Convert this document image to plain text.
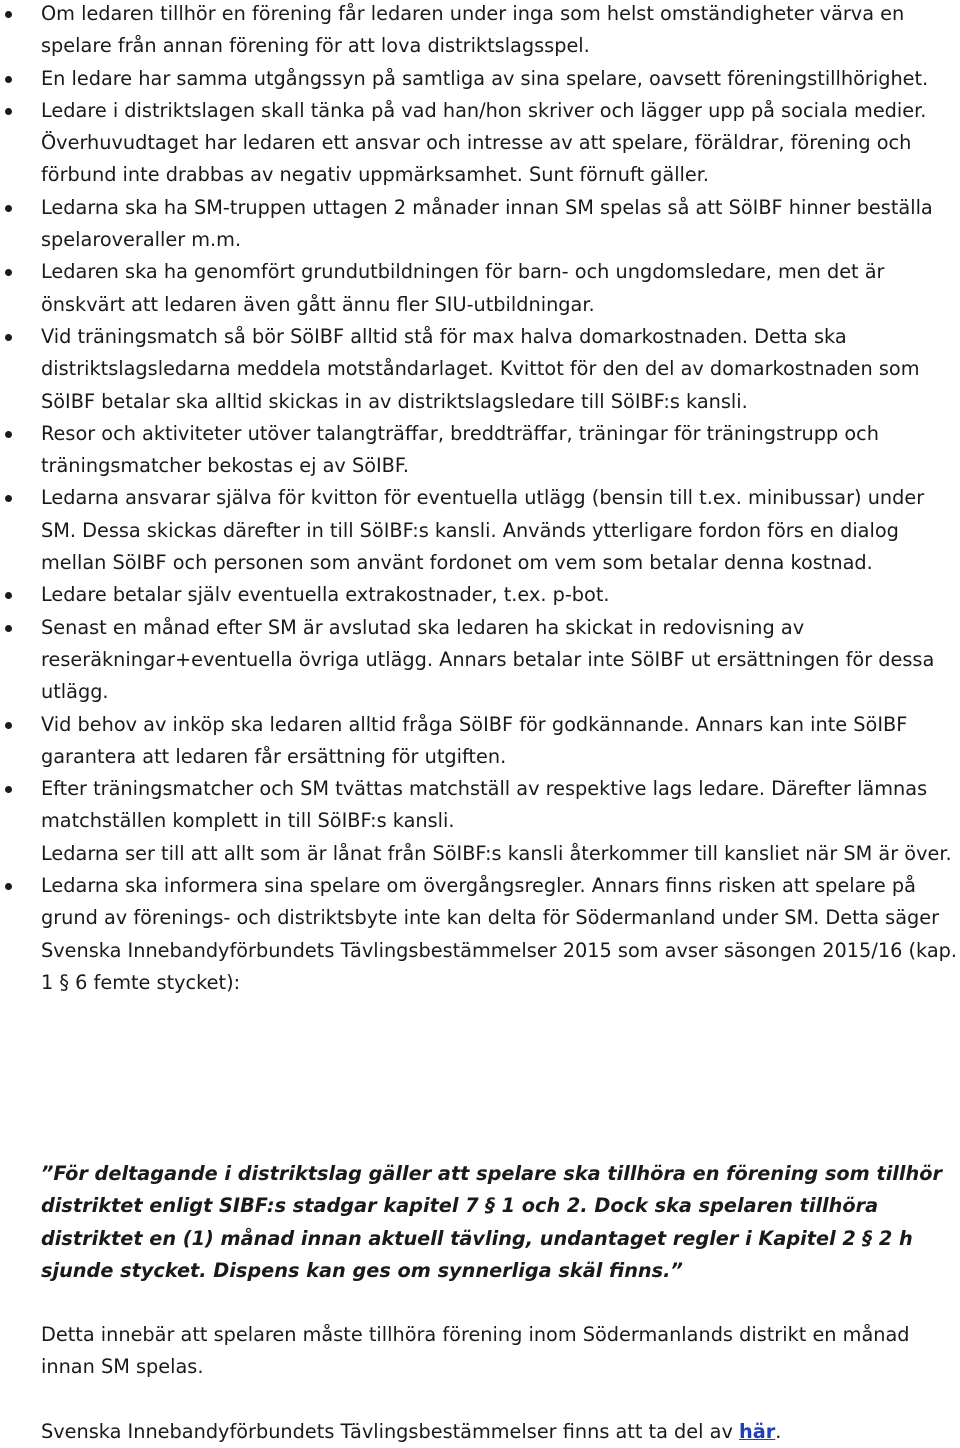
Om ledaren tillhör en förening får ledaren under inga som helst omständigheter värva en spelare från annan förening för att lova distriktslagsspel.
En ledare har samma utgångssyn på samtliga av sina spelare, oavsett föreningstillhörighet.
Ledare i distriktslagen skall tänka på vad han/hon skriver och lägger upp på sociala medier. Överhuvudtaget har ledaren ett ansvar och intresse av att spelare, föräldrar, förening och förbund inte drabbas av negativ uppmärksamhet. Sunt förnuft gäller.
Ledarna ska ha SM-truppen uttagen 2 månader innan SM spelas så att SöIBF hinner beställa spelaroveraller m.m.
Ledaren ska ha genomfört grundutbildningen för barn- och ungdomsledare, men det är önskvärt att ledaren även gått ännu fler SIU-utbildningar.
Vid träningsmatch så bör SöIBF alltid stå för max halva domarkostnaden. Detta ska distriktslagsledarna meddela motståndarlaget. Kvittot för den del av domarkostnaden som SöIBF betalar ska alltid skickas in av distriktslagsledare till SöIBF:s kansli.
Resor och aktiviteter utöver talangträffar, breddträffar, träningar för träningstrupp och träningsmatcher bekostas ej av SöIBF.
Ledarna ansvarar själva för kvitton för eventuella utlägg (bensin till t.ex. minibussar) under SM. Dessa skickas därefter in till SöIBF:s kansli. Används ytterligare fordon förs en dialog mellan SöIBF och personen som använt fordonet om vem som betalar denna kostnad.
Ledare betalar själv eventuella extrakostnader, t.ex. p-bot.
Senast en månad efter SM är avslutad ska ledaren ha skickat in redovisning av reseräkningar+eventuella övriga utlägg. Annars betalar inte SöIBF ut ersättningen för dessa utlägg.
Vid behov av inköp ska ledaren alltid fråga SöIBF för godkännande. Annars kan inte SöIBF garantera att ledaren får ersättning för utgiften.
Efter träningsmatcher och SM tvättas matchställ av respektive lags ledare. Därefter lämnas matchställen komplett in till SöIBF:s kansli.
Ledarna ser till att allt som är lånat från SöIBF:s kansli återkommer till kansliet när SM är över.
Ledarna ska informera sina spelare om övergångsregler. Annars finns risken att spelare på grund av förenings- och distriktsbyte inte kan delta för Södermanland under SM. Detta säger Svenska Innebandyförbundets Tävlingsbestämmelser 2015 som avser säsongen 2015/16 (kap. 1 § 6 femte stycket):

”För deltagande i distriktslag gäller att spelare ska tillhöra en förening som tillhör distriktet enligt SIBF:s stadgar kapitel 7 § 1 och 2. Dock ska spelaren tillhöra distriktet en (1) månad innan aktuell tävling, undantaget regler i Kapitel 2 § 2 h sjunde stycket. Dispens kan ges om synnerliga skäl finns.”

Detta innebär att spelaren måste tillhöra förening inom Södermanlands distrikt en månad innan SM spelas.

Svenska Innebandyförbundets Tävlingsbestämmelser finns att ta del av här.
